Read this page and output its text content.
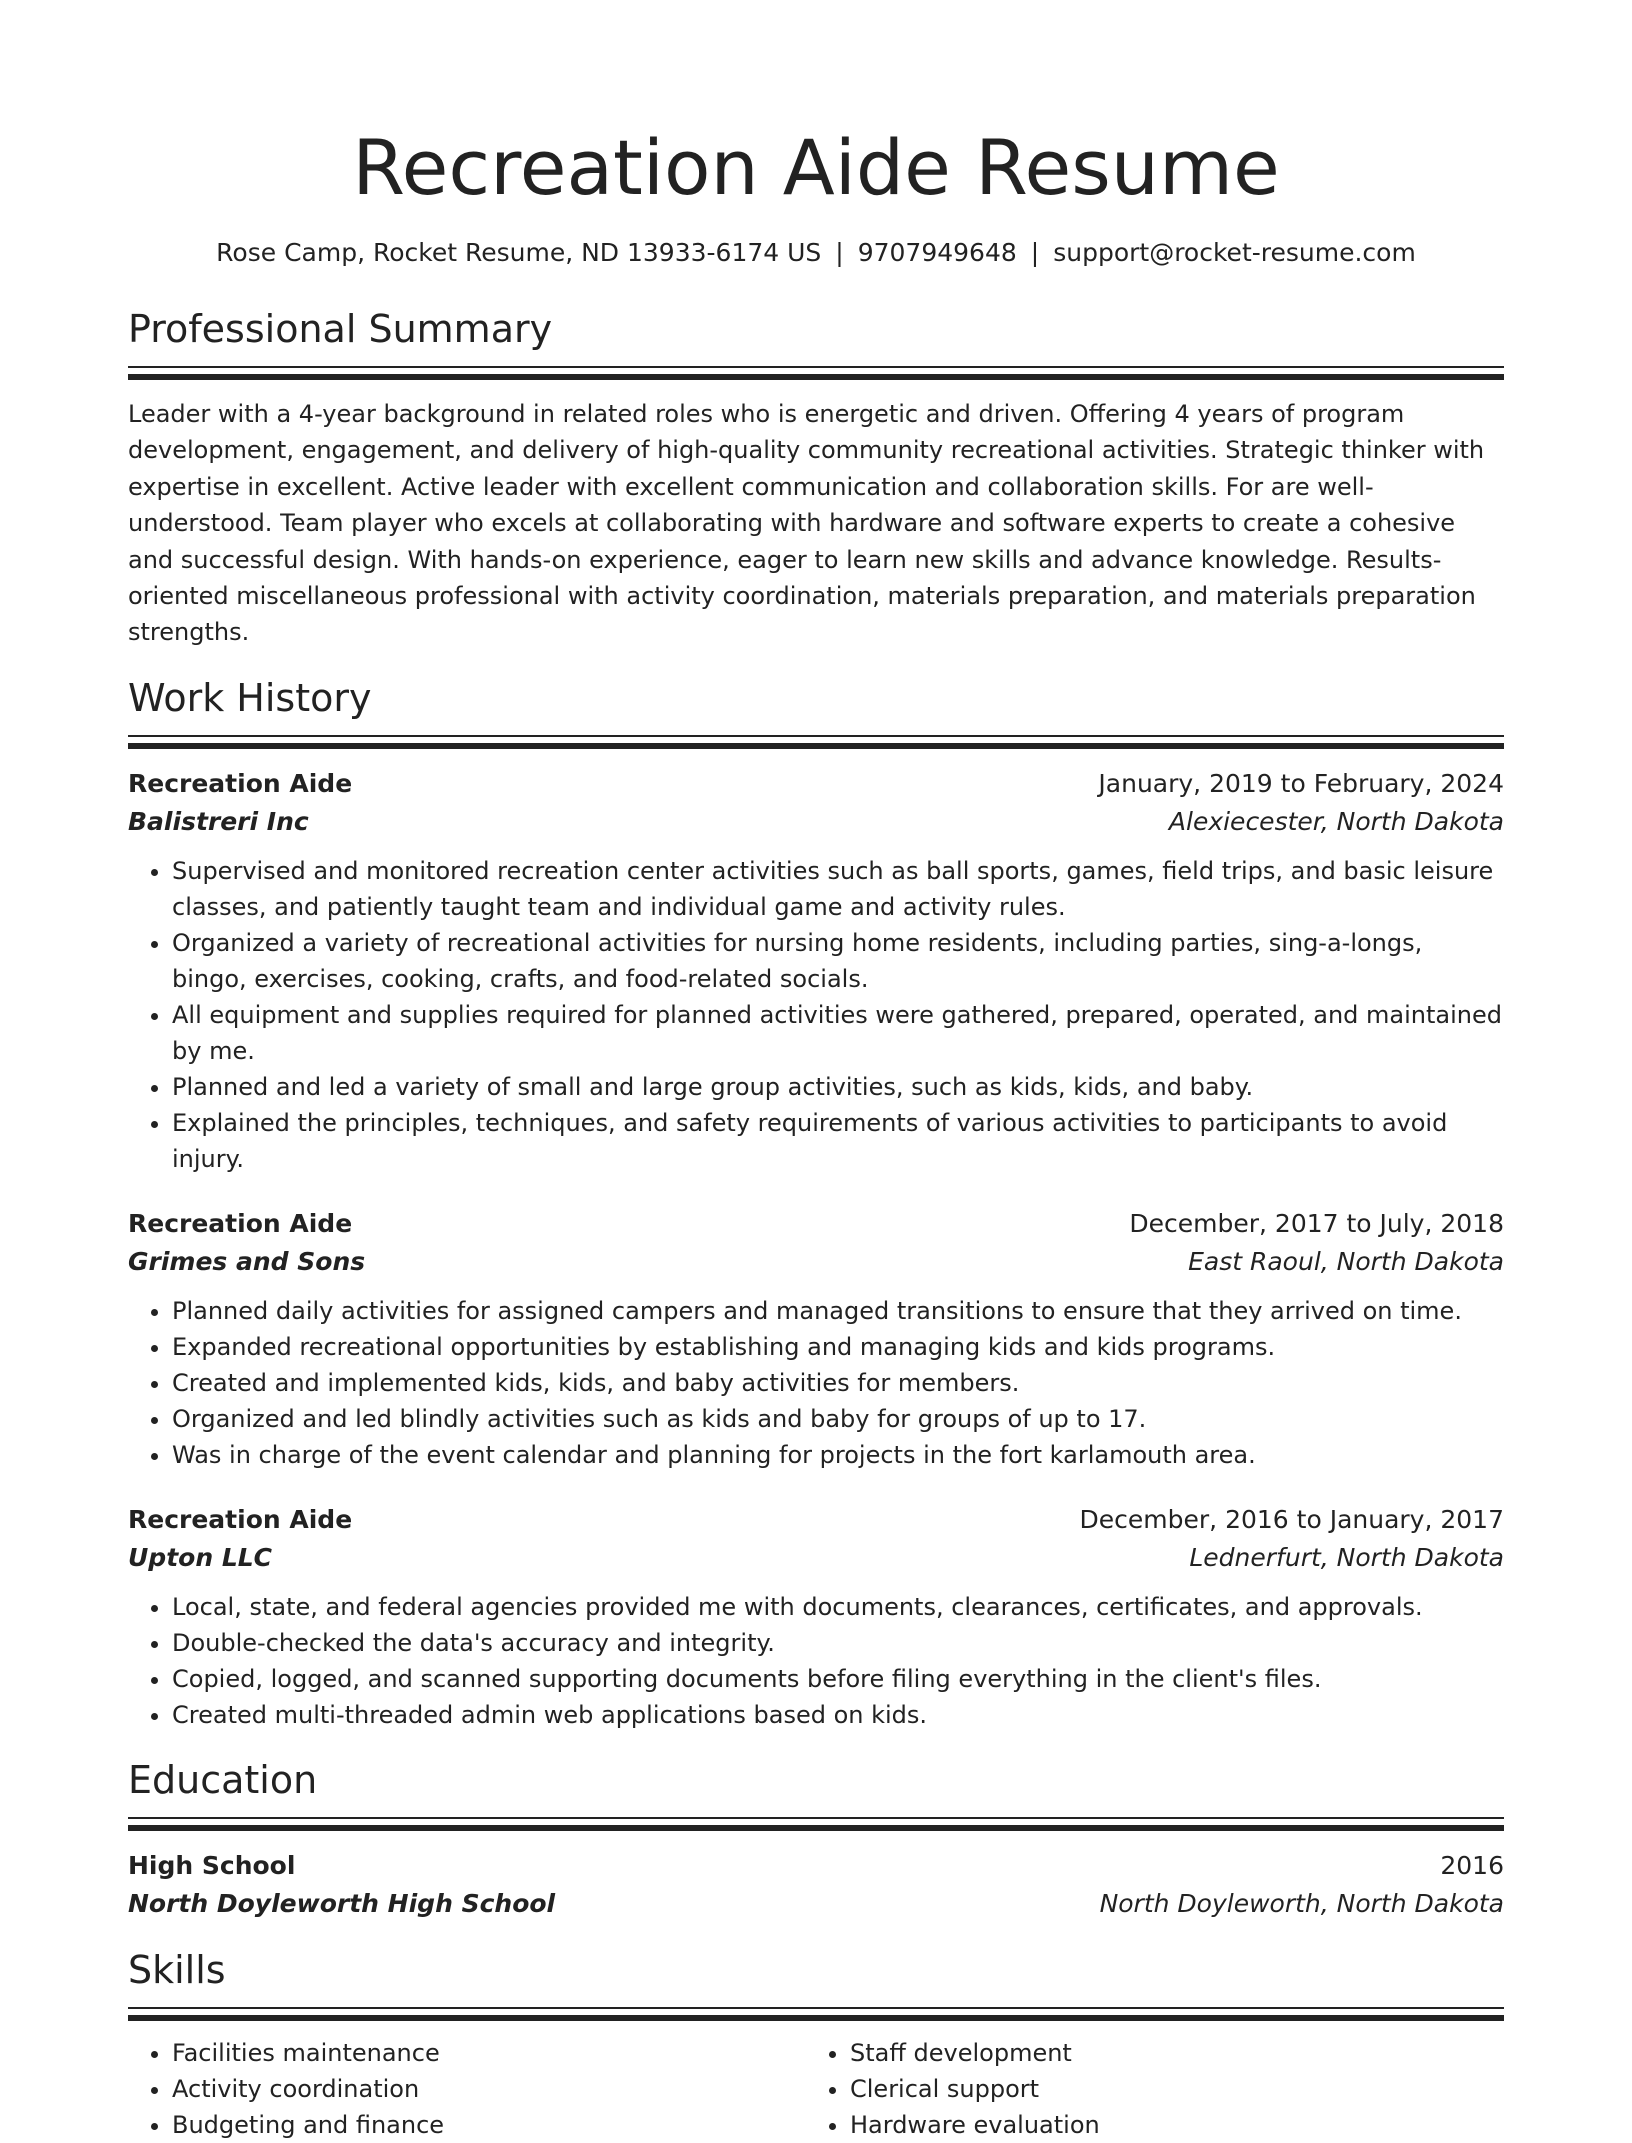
Recreation Aide Resume
Rose Camp, Rocket Resume, ND 13933-6174 US | 9707949648 | support@rocket-resume.com
Professional Summary

Leader with a 4-year background in related roles who is energetic and driven. Offering 4 years of program development, engagement, and delivery of high-quality community recreational activities. Strategic thinker with expertise in excellent. Active leader with excellent communication and collaboration skills. For are well-understood. Team player who excels at collaborating with hardware and software experts to create a cohesive and successful design. With hands-on experience, eager to learn new skills and advance knowledge. Results-oriented miscellaneous professional with activity coordination, materials preparation, and materials preparation strengths.

Work History
Recreation Aide	January, 2019 to February, 2024
Balistreri Inc	Alexiecester, North Dakota
• Supervised and monitored recreation center activities such as ball sports, games, field trips, and basic leisure classes, and patiently taught team and individual game and activity rules.
• Organized a variety of recreational activities for nursing home residents, including parties, sing-a-longs, bingo, exercises, cooking, crafts, and food-related socials.
• All equipment and supplies required for planned activities were gathered, prepared, operated, and maintained by me.
• Planned and led a variety of small and large group activities, such as kids, kids, and baby.
• Explained the principles, techniques, and safety requirements of various activities to participants to avoid injury.
Recreation Aide	December, 2017 to July, 2018
Grimes and Sons	East Raoul, North Dakota
• Planned daily activities for assigned campers and managed transitions to ensure that they arrived on time.
• Expanded recreational opportunities by establishing and managing kids and kids programs.
• Created and implemented kids, kids, and baby activities for members.
• Organized and led blindly activities such as kids and baby for groups of up to 17.
• Was in charge of the event calendar and planning for projects in the fort karlamouth area.
Recreation Aide	December, 2016 to January, 2017
Upton LLC	Lednerfurt, North Dakota
• Local, state, and federal agencies provided me with documents, clearances, certificates, and approvals.
• Double-checked the data's accuracy and integrity.
• Copied, logged, and scanned supporting documents before filing everything in the client's files.
• Created multi-threaded admin web applications based on kids.
Education
High School	2016
North Doyleworth High School	North Doyleworth, North Dakota
Skills
• Facilities maintenance
• Activity coordination
• Budgeting and finance
• Staff development
• Clerical support
• Hardware evaluation
